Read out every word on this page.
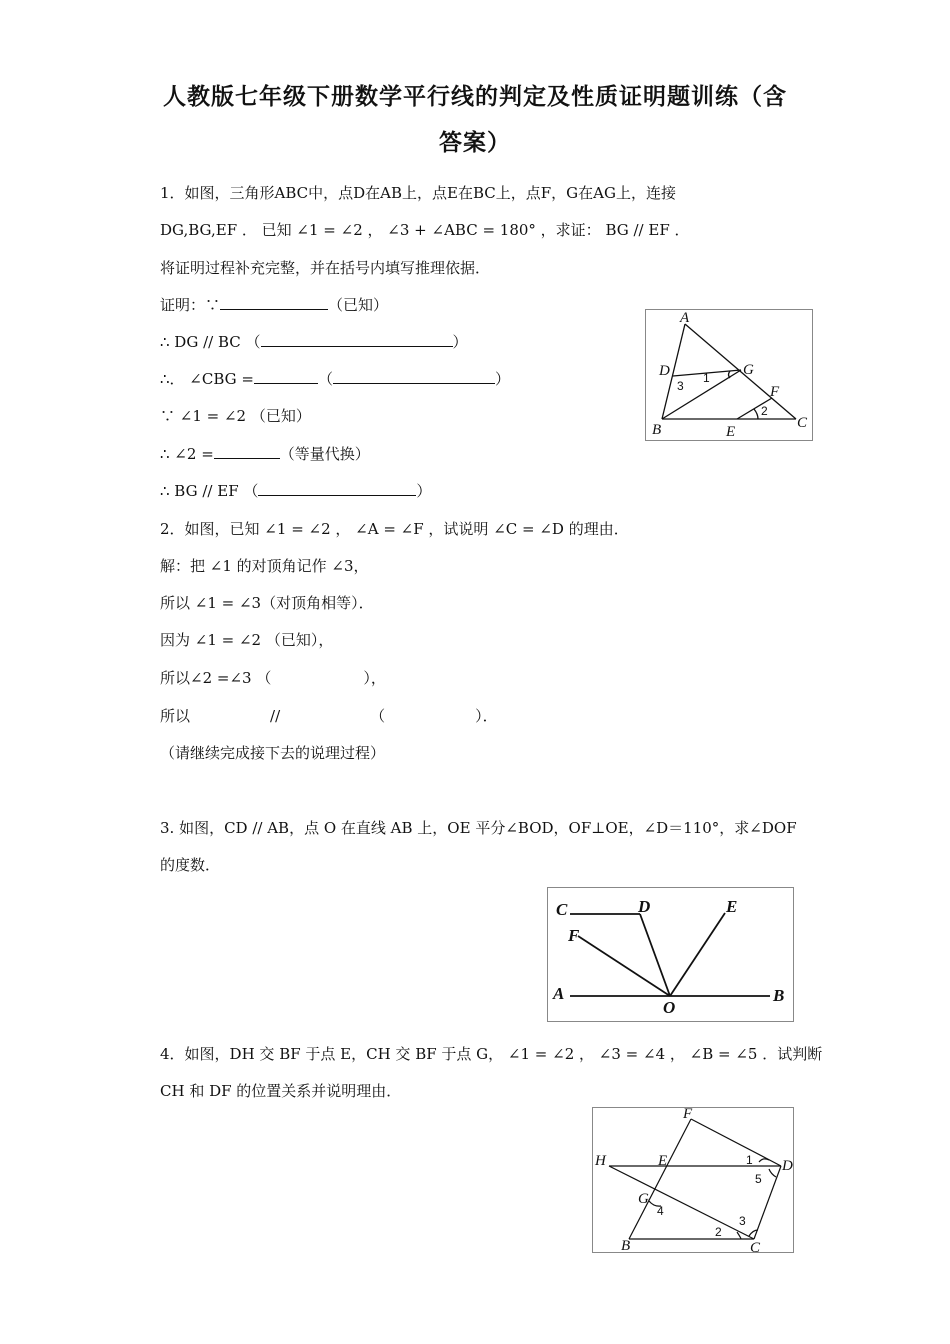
人教版七年级下册数学平行线的判定及性质证明题训练（含
答案）
1．如图，三角形ABC中，点D在AB上，点E在BC上，点F，G在AG上，连接
DG,BG,EF ． 已知 ∠1 = ∠2 ， ∠3 + ∠ABC = 180° ，求证： BG // EF ．
将证明过程补充完整，并在括号内填写推理依据．
证明：∵	（已知）
∴ DG // BC （	）
∴． ∠CBG =	（	）
∵ ∠1 = ∠2 （已知）
∴ ∠2 =	（等量代换）
∴ BG // EF （	）
A
B	C
D
E
F
G
1
2
3
2．如图，已知 ∠1 = ∠2 ， ∠A = ∠F ，试说明 ∠C = ∠D 的理由．
解：把 ∠1 的对顶角记作 ∠3，
所以 ∠1 = ∠3（对顶角相等）．
因为 ∠1 = ∠2 （已知），
所以∠2 =∠3 （	），
所以	//	（	）．
（请继续完成接下去的说理过程）
3. 如图，CD // AB，点 O 在直线 AB 上，OE 平分∠BOD，OF⊥OE，∠D＝110°，求∠DOF
的度数．
C	D	E
F
A	B
O
4．如图，DH 交 BF 于点 E，CH 交 BF 于点 G， ∠1 = ∠2 ， ∠3 = ∠4 ， ∠B = ∠5 ．试判断
CH 和 DF 的位置关系并说明理由．
F
H	E	D
G
B	C
1
2
3
4
5
